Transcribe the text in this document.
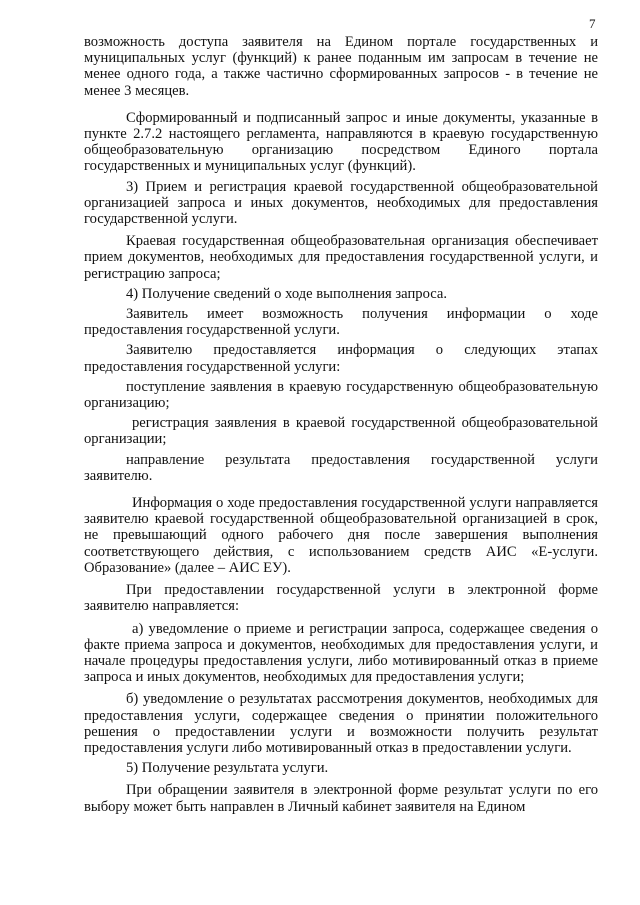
7

возможность доступа заявителя на Едином портале государственных и муниципальных услуг (функций) к ранее поданным им запросам в течение не менее одного года, а также частично сформированных запросов - в течение не менее 3 месяцев.

Сформированный и подписанный запрос и иные документы, указанные в пункте 2.7.2 настоящего регламента, направляются в краевую государственную общеобразовательную организацию посредством Единого портала государственных и муниципальных услуг (функций).

3) Прием и регистрация краевой государственной общеобразовательной организацией запроса и иных документов, необходимых для предоставления государственной услуги.

Краевая государственная общеобразовательная организация обеспечивает прием документов, необходимых для предоставления государственной услуги, и регистрацию запроса;

4) Получение сведений о ходе выполнения запроса.

Заявитель имеет возможность получения информации о ходе предоставления государственной услуги.

Заявителю предоставляется информация о следующих этапах предоставления государственной услуги:

поступление заявления в краевую государственную общеобразовательную организацию;

регистрация заявления в краевой государственной общеобразовательной организации;

направление результата предоставления государственной услуги заявителю.

Информация о ходе предоставления государственной услуги направляется заявителю краевой государственной общеобразовательной организацией в срок, не превышающий одного рабочего дня после завершения выполнения соответствующего действия, с использованием средств АИС «Е-услуги. Образование» (далее – АИС ЕУ).

При предоставлении государственной услуги в электронной форме заявителю направляется:

а) уведомление о приеме и регистрации запроса, содержащее сведения о факте приема запроса и документов, необходимых для предоставления услуги, и начале процедуры предоставления услуги, либо мотивированный отказ в приеме запроса и иных документов, необходимых для предоставления услуги;

б) уведомление о результатах рассмотрения документов, необходимых для предоставления услуги, содержащее сведения о принятии положительного решения о предоставлении услуги и возможности получить результат предоставления услуги либо мотивированный отказ в предоставлении услуги.

5) Получение результата услуги.

При обращении заявителя в электронной форме результат услуги по его выбору может быть направлен в Личный кабинет заявителя на Едином
